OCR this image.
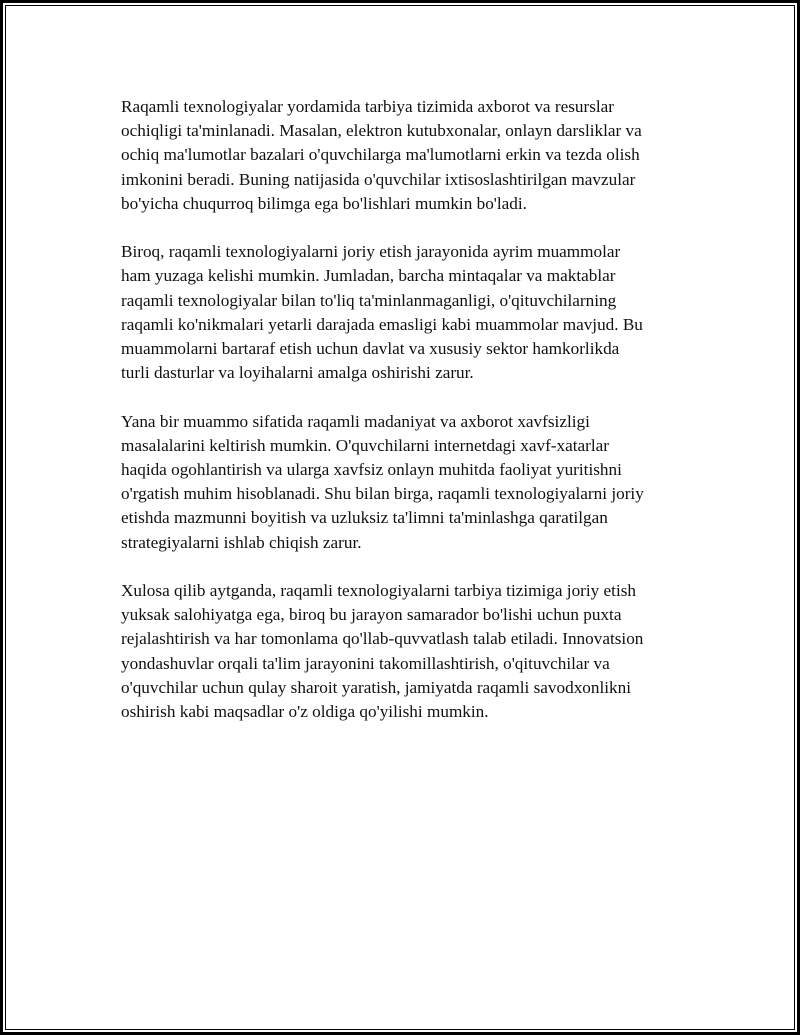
Raqamli texnologiyalar yordamida tarbiya tizimida axborot va resurslar
ochiqligi ta'minlanadi. Masalan, elektron kutubxonalar, onlayn darsliklar va
ochiq ma'lumotlar bazalari o'quvchilarga ma'lumotlarni erkin va tezda olish
imkonini beradi. Buning natijasida o'quvchilar ixtisoslashtirilgan mavzular
bo'yicha chuqurroq bilimga ega bo'lishlari mumkin bo'ladi.

Biroq, raqamli texnologiyalarni joriy etish jarayonida ayrim muammolar
ham yuzaga kelishi mumkin. Jumladan, barcha mintaqalar va maktablar
raqamli texnologiyalar bilan to'liq ta'minlanmaganligi, o'qituvchilarning
raqamli ko'nikmalari yetarli darajada emasligi kabi muammolar mavjud. Bu
muammolarni bartaraf etish uchun davlat va xususiy sektor hamkorlikda
turli dasturlar va loyihalarni amalga oshirishi zarur.

Yana bir muammo sifatida raqamli madaniyat va axborot xavfsizligi
masalalarini keltirish mumkin. O'quvchilarni internetdagi xavf-xatarlar
haqida ogohlantirish va ularga xavfsiz onlayn muhitda faoliyat yuritishni
o'rgatish muhim hisoblanadi. Shu bilan birga, raqamli texnologiyalarni joriy
etishda mazmunni boyitish va uzluksiz ta'limni ta'minlashga qaratilgan
strategiyalarni ishlab chiqish zarur.

Xulosa qilib aytganda, raqamli texnologiyalarni tarbiya tizimiga joriy etish
yuksak salohiyatga ega, biroq bu jarayon samarador bo'lishi uchun puxta
rejalashtirish va har tomonlama qo'llab-quvvatlash talab etiladi. Innovatsion
yondashuvlar orqali ta'lim jarayonini takomillashtirish, o'qituvchilar va
o'quvchilar uchun qulay sharoit yaratish, jamiyatda raqamli savodxonlikni
oshirish kabi maqsadlar o'z oldiga qo'yilishi mumkin.
